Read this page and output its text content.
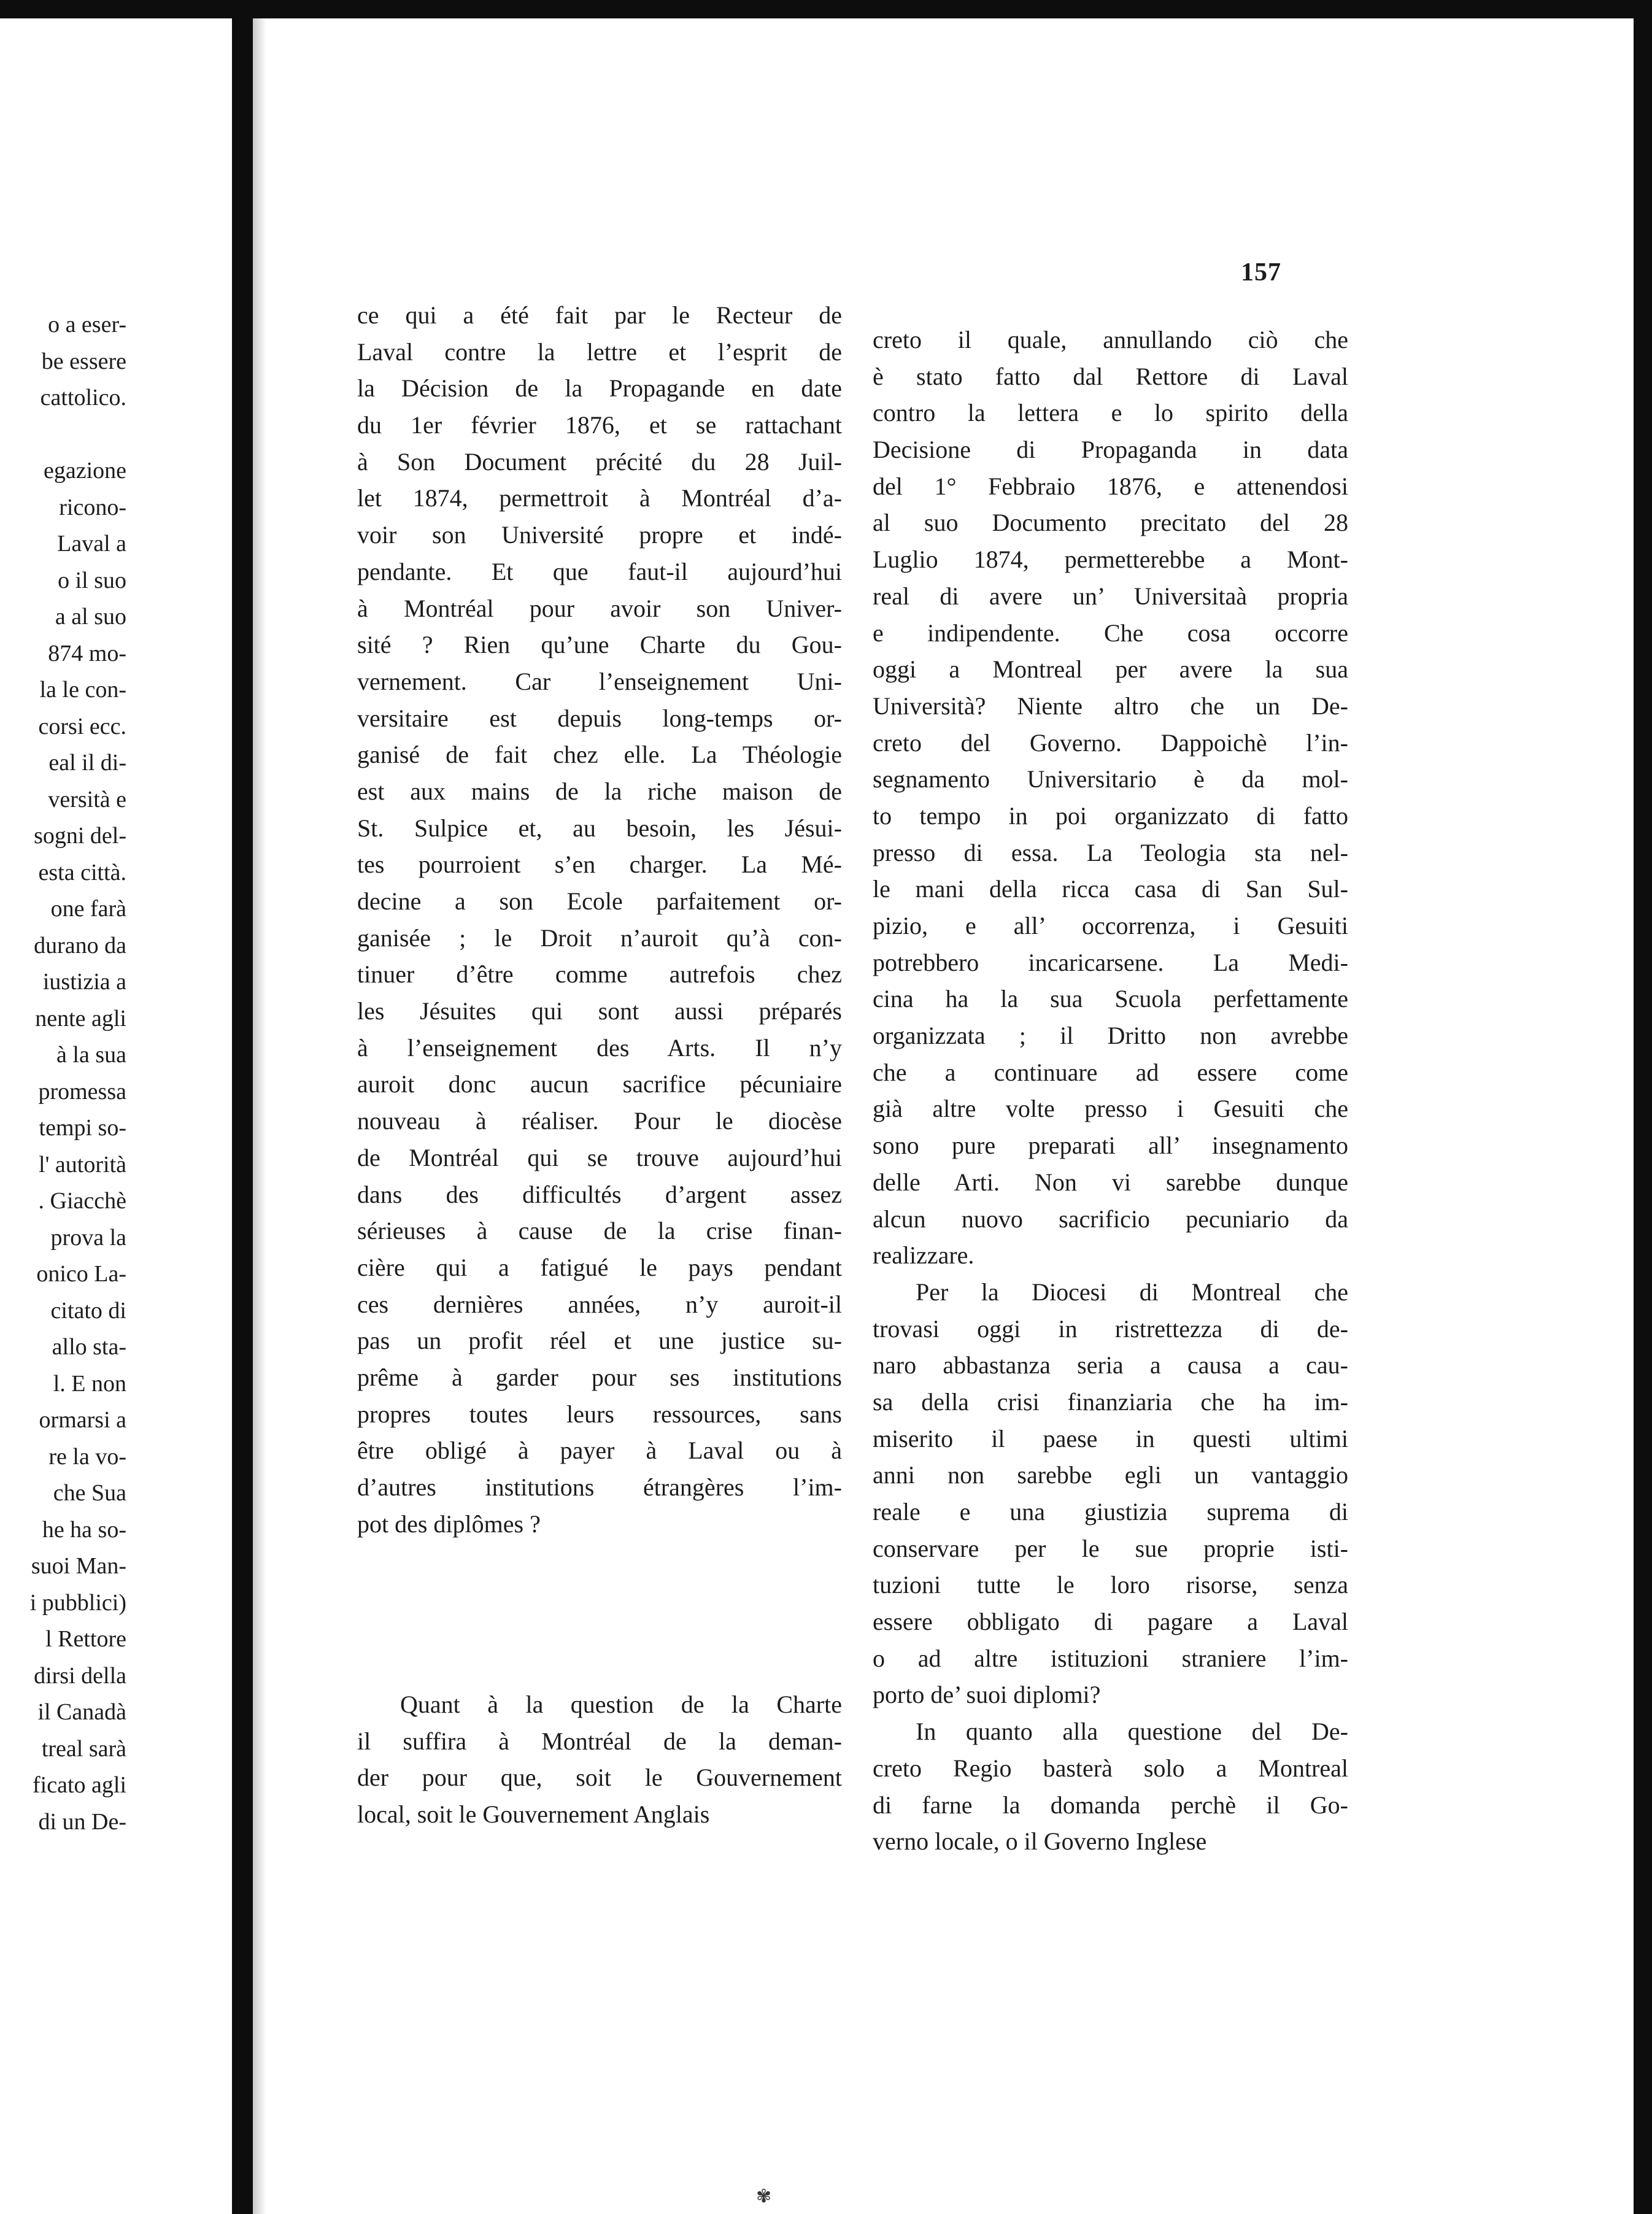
o a eser-
be essere
cattolico.
egazione
ricono-
Laval a
o il suo
a al suo
874 mo-
la le con-
corsi ecc.
eal il di-
versità e
sogni del-
esta città.
one farà
durano da
iustizia a
nente agli
à la sua
promessa
tempi so-
l' autorità
. Giacchè
prova la
onico La-
citato di
allo sta-
l. E non
ormarsi a
re la vo-
che Sua
he ha so-
suoi Man-
i pubblici)
l Rettore
dirsi della
il Canadà
treal sarà
ficato agli
di un De-
157
ce qui a été fait par le Recteur de
Laval contre la lettre et l’esprit de
la Décision de la Propagande en date
du 1er février 1876, et se rattachant
à Son Document précité du 28 Juil-
let 1874, permettroit à Montréal d’a-
voir son Université propre et indé-
pendante. Et que faut-il aujourd’hui
à Montréal pour avoir son Univer-
sité ? Rien qu’une Charte du Gou-
vernement. Car l’enseignement Uni-
versitaire est depuis long-temps or-
ganisé de fait chez elle. La Théologie
est aux mains de la riche maison de
St. Sulpice et, au besoin, les Jésui-
tes pourroient s’en charger. La Mé-
decine a son Ecole parfaitement or-
ganisée ; le Droit n’auroit qu’à con-
tinuer d’être comme autrefois chez
les Jésuites qui sont aussi préparés
à l’enseignement des Arts. Il n’y
auroit donc aucun sacrifice pécuniaire
nouveau à réaliser. Pour le diocèse
de Montréal qui se trouve aujourd’hui
dans des difficultés d’argent assez
sérieuses à cause de la crise finan-
cière qui a fatigué le pays pendant
ces dernières années, n’y auroit-il
pas un profit réel et une justice su-
prême à garder pour ses institutions
propres toutes leurs ressources, sans
être obligé à payer à Laval ou à
d’autres institutions étrangères l’im-
pot des diplômes ?
Quant à la question de la Charte
il suffira à Montréal de la deman-
der pour que, soit le Gouvernement
local, soit le Gouvernement Anglais
creto il quale, annullando ciò che
è stato fatto dal Rettore di Laval
contro la lettera e lo spirito della
Decisione di Propaganda in data
del 1° Febbraio 1876, e attenendosi
al suo Documento precitato del 28
Luglio 1874, permetterebbe a Mont-
real di avere un’ Universitaà propria
e indipendente. Che cosa occorre
oggi a Montreal per avere la sua
Università? Niente altro che un De-
creto del Governo. Dappoichè l’in-
segnamento Universitario è da mol-
to tempo in poi organizzato di fatto
presso di essa. La Teologia sta nel-
le mani della ricca casa di San Sul-
pizio, e all’ occorrenza, i Gesuiti
potrebbero incaricarsene. La Medi-
cina ha la sua Scuola perfettamente
organizzata ; il Dritto non avrebbe
che a continuare ad essere come
già altre volte presso i Gesuiti che
sono pure preparati all’ insegnamento
delle Arti. Non vi sarebbe dunque
alcun nuovo sacrificio pecuniario da
realizzare.
Per la Diocesi di Montreal che
trovasi oggi in ristrettezza di de-
naro abbastanza seria a causa a cau-
sa della crisi finanziaria che ha im-
miserito il paese in questi ultimi
anni non sarebbe egli un vantaggio
reale e una giustizia suprema di
conservare per le sue proprie isti-
tuzioni tutte le loro risorse, senza
essere obbligato di pagare a Laval
o ad altre istituzioni straniere l’im-
porto de’ suoi diplomi?
In quanto alla questione del De-
creto Regio basterà solo a Montreal
di farne la domanda perchè il Go-
verno locale, o il Governo Inglese
✾
